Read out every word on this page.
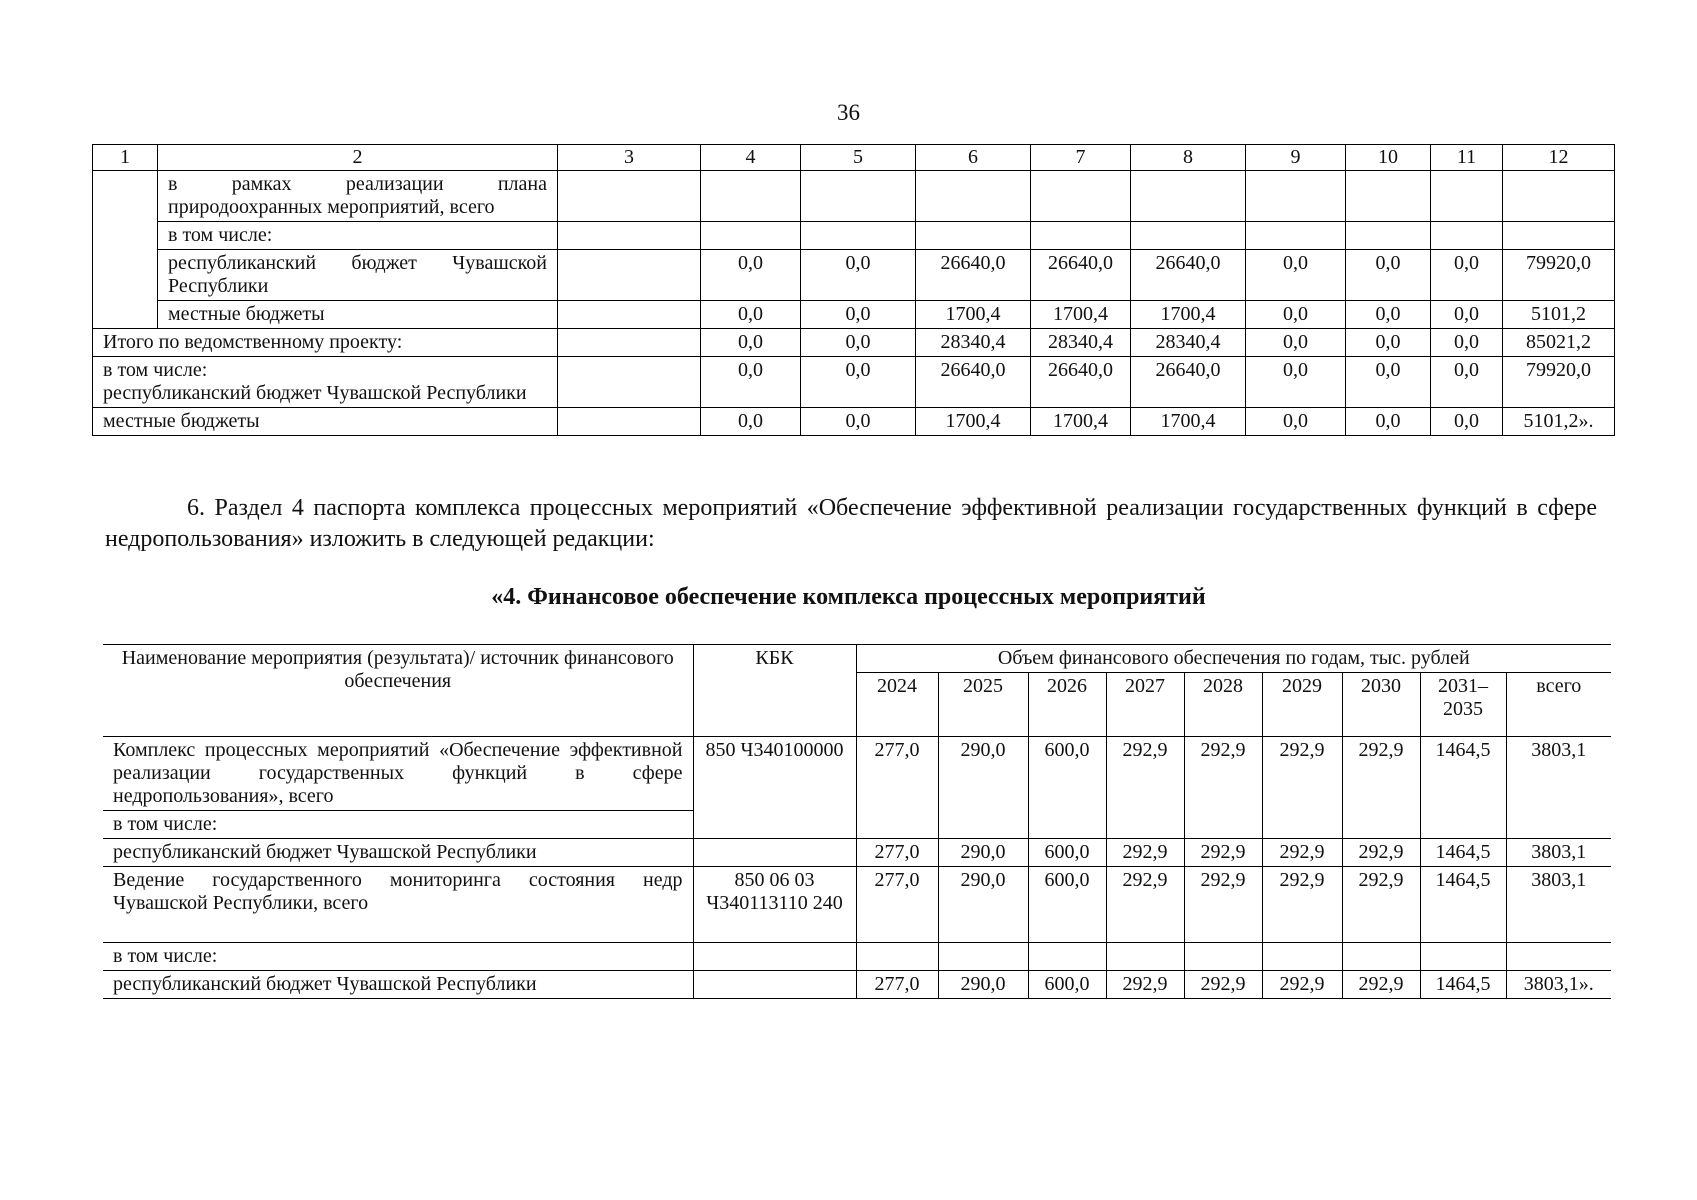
36
1	2	3	4	5	6	7	8	9	10	11	12
	в рамках реализации плана природоохранных мероприятий, всего										
	в том числе:										
	республиканский бюджет Чувашской Республики		0,0	0,0	26640,0	26640,0	26640,0	0,0	0,0	0,0	79920,0
	местные бюджеты		0,0	0,0	1700,4	1700,4	1700,4	0,0	0,0	0,0	5101,2
Итого по ведомственному проекту:			0,0	0,0	28340,4	28340,4	28340,4	0,0	0,0	0,0	85021,2

в том числе:
республиканский бюджет Чувашской Республики			0,0	0,0	26640,0	26640,0	26640,0	0,0	0,0	0,0	79920,0
местные бюджеты			0,0	0,0	1700,4	1700,4	1700,4	0,0	0,0	0,0	5101,2».
6. Раздел 4 паспорта комплекса процессных мероприятий «Обеспечение эффективной реализации государственных функций в сфере недропользования» изложить в следующей редакции:
«4. Финансовое обеспечение комплекса процессных мероприятий
Наименование мероприятия (результата)/ источник финансового обеспечения	КБК	Объем финансового обеспечения по годам, тыс. рублей								
		2024	2025	2026	2027	2028	2029	2030	2031–2035	всего
Комплекс процессных мероприятий «Обеспечение эффективной реализации государственных функций в сфере недропользования», всего	850 Ч340100000	277,0	290,0	600,0	292,9	292,9	292,9	292,9	1464,5	3803,1
в том числе:										
республиканский бюджет Чувашской Республики		277,0	290,0	600,0	292,9	292,9	292,9	292,9	1464,5	3803,1
Ведение государственного мониторинга состояния недр Чувашской Республики, всего	850 06 03 Ч340113110 240	277,0	290,0	600,0	292,9	292,9	292,9	292,9	1464,5	3803,1
в том числе:										
республиканский бюджет Чувашской Республики		277,0	290,0	600,0	292,9	292,9	292,9	292,9	1464,5	3803,1».
